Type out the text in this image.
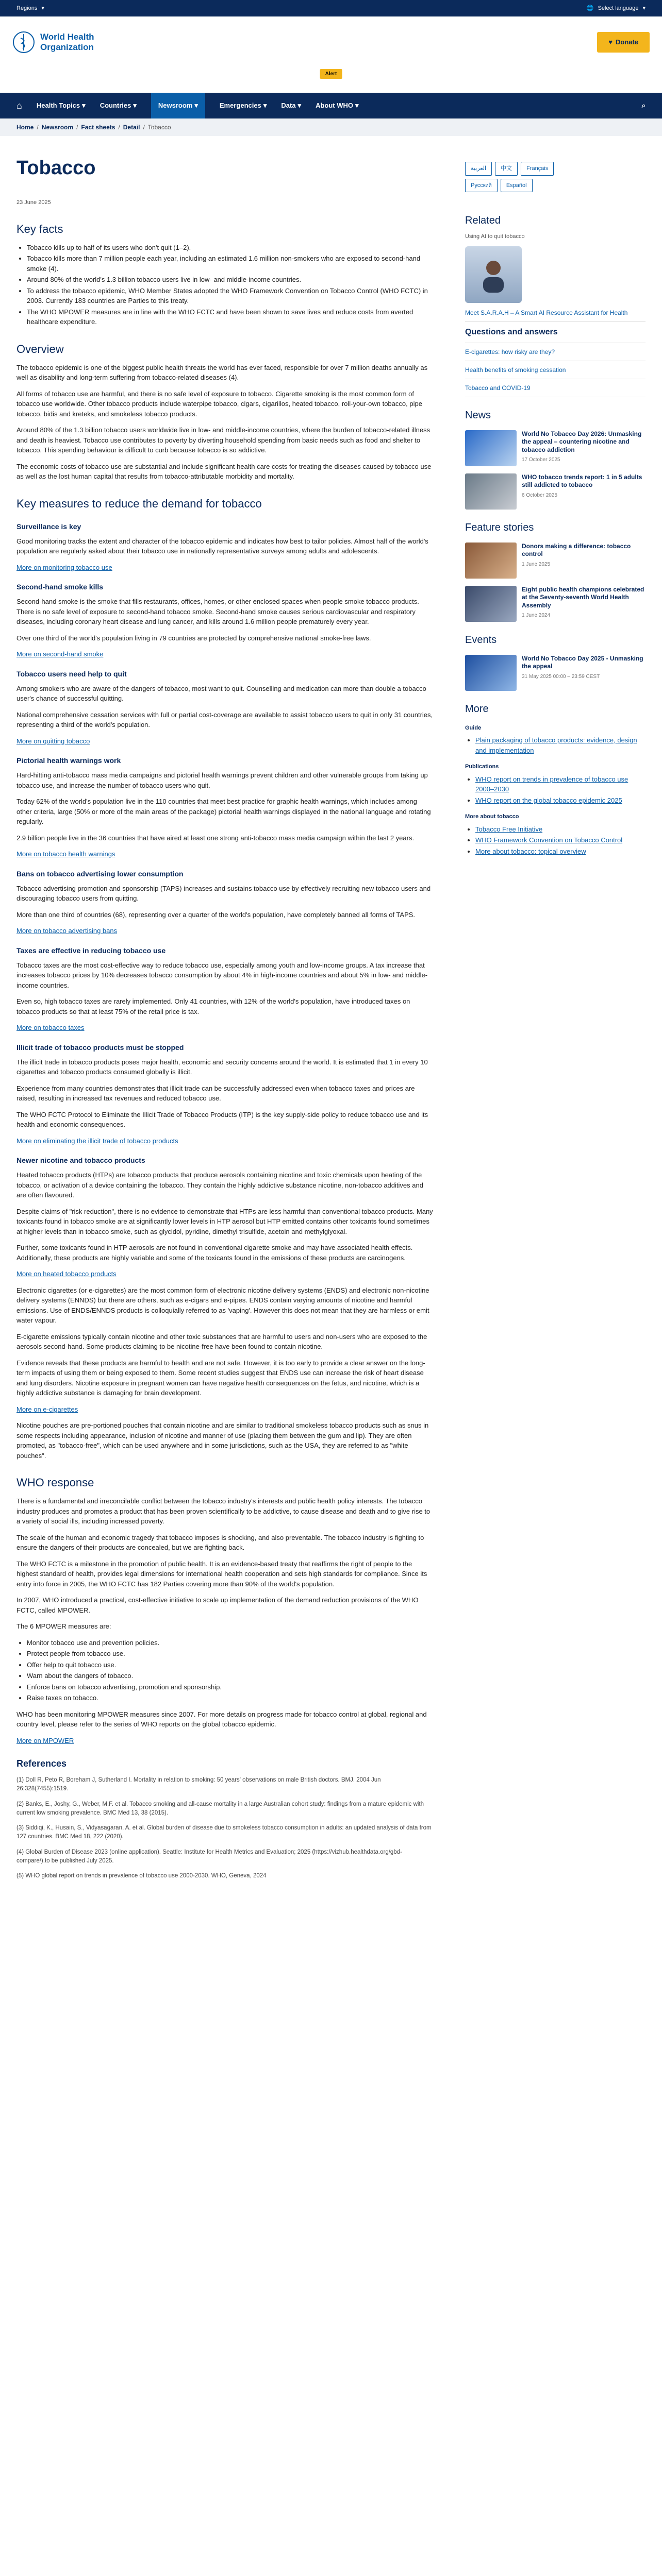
Regions ▾	🌐 Select language ▾
World Health
Organization
♥ Donate
Alert
⌂ Health Topics ▾ Countries ▾	Newsroom ▾	Emergencies ▾ Data ▾ About WHO ▾	⌕
Home / Newsroom / Fact sheets / Detail / Tobacco
Tobacco
23 June 2025
Key facts
• Tobacco kills up to half of its users who don't quit (1–2).
• Tobacco kills more than 7 million people each year, including an estimated 1.6 million non-smokers who are exposed to second-hand smoke (4).
• Around 80% of the world's 1.3 billion tobacco users live in low- and middle-income countries.
• To address the tobacco epidemic, WHO Member States adopted the WHO Framework Convention on Tobacco Control (WHO FCTC) in 2003. Currently 183 countries are Parties to this treaty.
• The WHO MPOWER measures are in line with the WHO FCTC and have been shown to save lives and reduce costs from averted healthcare expenditure.
Overview

The tobacco epidemic is one of the biggest public health threats the world has ever faced, responsible for over 7 million deaths annually as well as disability and long-term suffering from tobacco-related diseases (4).

All forms of tobacco use are harmful, and there is no safe level of exposure to tobacco. Cigarette smoking is the most common form of tobacco use worldwide. Other tobacco products include waterpipe tobacco, cigars, cigarillos, heated tobacco, roll-your-own tobacco, pipe tobacco, bidis and kreteks, and smokeless tobacco products.

Around 80% of the 1.3 billion tobacco users worldwide live in low- and middle-income countries, where the burden of tobacco-related illness and death is heaviest. Tobacco use contributes to poverty by diverting household spending from basic needs such as food and shelter to tobacco. This spending behaviour is difficult to curb because tobacco is so addictive.

The economic costs of tobacco use are substantial and include significant health care costs for treating the diseases caused by tobacco use as well as the lost human capital that results from tobacco-attributable morbidity and mortality.

Key measures to reduce the demand for tobacco
Surveillance is key

Good monitoring tracks the extent and character of the tobacco epidemic and indicates how best to tailor policies. Almost half of the world's population are regularly asked about their tobacco use in nationally representative surveys among adults and adolescents.

More on monitoring tobacco use

Second-hand smoke kills

Second-hand smoke is the smoke that fills restaurants, offices, homes, or other enclosed spaces when people smoke tobacco products. There is no safe level of exposure to second-hand tobacco smoke. Second-hand smoke causes serious cardiovascular and respiratory diseases, including coronary heart disease and lung cancer, and kills around 1.6 million people prematurely every year.

Over one third of the world's population living in 79 countries are protected by comprehensive national smoke-free laws.

More on second-hand smoke

Tobacco users need help to quit

Among smokers who are aware of the dangers of tobacco, most want to quit. Counselling and medication can more than double a tobacco user's chance of successful quitting.

National comprehensive cessation services with full or partial cost-coverage are available to assist tobacco users to quit in only 31 countries, representing a third of the world's population.

More on quitting tobacco

Pictorial health warnings work

Hard-hitting anti-tobacco mass media campaigns and pictorial health warnings prevent children and other vulnerable groups from taking up tobacco use, and increase the number of tobacco users who quit.

Today 62% of the world's population live in the 110 countries that meet best practice for graphic health warnings, which includes among other criteria, large (50% or more of the main areas of the package) pictorial health warnings displayed in the national language and rotating regularly.

2.9 billion people live in the 36 countries that have aired at least one strong anti-tobacco mass media campaign within the last 2 years.

More on tobacco health warnings

Bans on tobacco advertising lower consumption

Tobacco advertising promotion and sponsorship (TAPS) increases and sustains tobacco use by effectively recruiting new tobacco users and discouraging tobacco users from quitting.

More than one third of countries (68), representing over a quarter of the world's population, have completely banned all forms of TAPS.

More on tobacco advertising bans

Taxes are effective in reducing tobacco use

Tobacco taxes are the most cost-effective way to reduce tobacco use, especially among youth and low-income groups. A tax increase that increases tobacco prices by 10% decreases tobacco consumption by about 4% in high-income countries and about 5% in low- and middle-income countries.

Even so, high tobacco taxes are rarely implemented. Only 41 countries, with 12% of the world's population, have introduced taxes on tobacco products so that at least 75% of the retail price is tax.

More on tobacco taxes

Illicit trade of tobacco products must be stopped

The illicit trade in tobacco products poses major health, economic and security concerns around the world. It is estimated that 1 in every 10 cigarettes and tobacco products consumed globally is illicit.

Experience from many countries demonstrates that illicit trade can be successfully addressed even when tobacco taxes and prices are raised, resulting in increased tax revenues and reduced tobacco use.

The WHO FCTC Protocol to Eliminate the Illicit Trade of Tobacco Products (ITP) is the key supply-side policy to reduce tobacco use and its health and economic consequences.

More on eliminating the illicit trade of tobacco products

Newer nicotine and tobacco products

Heated tobacco products (HTPs) are tobacco products that produce aerosols containing nicotine and toxic chemicals upon heating of the tobacco, or activation of a device containing the tobacco. They contain the highly addictive substance nicotine, non-tobacco additives and are often flavoured.

Despite claims of "risk reduction", there is no evidence to demonstrate that HTPs are less harmful than conventional tobacco products. Many toxicants found in tobacco smoke are at significantly lower levels in HTP aerosol but HTP emitted contains other toxicants found sometimes at higher levels than in tobacco smoke, such as glycidol, pyridine, dimethyl trisulfide, acetoin and methylglyoxal.

Further, some toxicants found in HTP aerosols are not found in conventional cigarette smoke and may have associated health effects. Additionally, these products are highly variable and some of the toxicants found in the emissions of these products are carcinogens.

More on heated tobacco products

Electronic cigarettes (or e-cigarettes) are the most common form of electronic nicotine delivery systems (ENDS) and electronic non-nicotine delivery systems (ENNDS) but there are others, such as e-cigars and e-pipes. ENDS contain varying amounts of nicotine and harmful emissions. Use of ENDS/ENNDS products is colloquially referred to as 'vaping'. However this does not mean that they are harmless or emit water vapour.

E-cigarette emissions typically contain nicotine and other toxic substances that are harmful to users and non-users who are exposed to the aerosols second-hand. Some products claiming to be nicotine-free have been found to contain nicotine.

Evidence reveals that these products are harmful to health and are not safe. However, it is too early to provide a clear answer on the long-term impacts of using them or being exposed to them. Some recent studies suggest that ENDS use can increase the risk of heart disease and lung disorders. Nicotine exposure in pregnant women can have negative health consequences on the fetus, and nicotine, which is a highly addictive substance is damaging for brain development.

More on e-cigarettes

Nicotine pouches are pre-portioned pouches that contain nicotine and are similar to traditional smokeless tobacco products such as snus in some respects including appearance, inclusion of nicotine and manner of use (placing them between the gum and lip). They are often promoted, as "tobacco-free", which can be used anywhere and in some jurisdictions, such as the USA, they are referred to as "white pouches".

WHO response

There is a fundamental and irreconcilable conflict between the tobacco industry's interests and public health policy interests. The tobacco industry produces and promotes a product that has been proven scientifically to be addictive, to cause disease and death and to give rise to a variety of social ills, including increased poverty.

The scale of the human and economic tragedy that tobacco imposes is shocking, and also preventable. The tobacco industry is fighting to ensure the dangers of their products are concealed, but we are fighting back.

The WHO FCTC is a milestone in the promotion of public health. It is an evidence-based treaty that reaffirms the right of people to the highest standard of health, provides legal dimensions for international health cooperation and sets high standards for compliance. Since its entry into force in 2005, the WHO FCTC has 182 Parties covering more than 90% of the world's population.

In 2007, WHO introduced a practical, cost-effective initiative to scale up implementation of the demand reduction provisions of the WHO FCTC, called MPOWER.

The 6 MPOWER measures are:

• Monitor tobacco use and prevention policies.
• Protect people from tobacco use.
• Offer help to quit tobacco use.
• Warn about the dangers of tobacco.
• Enforce bans on tobacco advertising, promotion and sponsorship.
• Raise taxes on tobacco.

WHO has been monitoring MPOWER measures since 2007. For more details on progress made for tobacco control at global, regional and country level, please refer to the series of WHO reports on the global tobacco epidemic.

More on MPOWER

References

(1) Doll R, Peto R, Boreham J, Sutherland I. Mortality in relation to smoking: 50 years' observations on male British doctors. BMJ. 2004 Jun 26;328(7455):1519.

(2) Banks, E., Joshy, G., Weber, M.F. et al. Tobacco smoking and all-cause mortality in a large Australian cohort study: findings from a mature epidemic with current low smoking prevalence. BMC Med 13, 38 (2015).

(3) Siddiqi, K., Husain, S., Vidyasagaran, A. et al. Global burden of disease due to smokeless tobacco consumption in adults: an updated analysis of data from 127 countries. BMC Med 18, 222 (2020).

(4) Global Burden of Disease 2023 (online application). Seattle: Institute for Health Metrics and Evaluation; 2025 (https://vizhub.healthdata.org/gbd-compare/).to be published July 2025.

(5) WHO global report on trends in prevalence of tobacco use 2000-2030. WHO, Geneva, 2024

العربية	中文	Français
Русский	Español
Related
Using AI to quit tobacco
Meet S.A.R.A.H – A Smart AI Resource Assistant for Health
Questions and answers
E-cigarettes: how risky are they?
Health benefits of smoking cessation
Tobacco and COVID-19
News
World No Tobacco Day 2026: Unmasking the appeal – countering nicotine and tobacco addiction
17 October 2025
WHO tobacco trends report: 1 in 5 adults still addicted to tobacco
6 October 2025
Feature stories
Donors making a difference: tobacco control
1 June 2025
Eight public health champions celebrated at the Seventy-seventh World Health Assembly
1 June 2024
Events
World No Tobacco Day 2025 - Unmasking the appeal
31 May 2025 00:00 – 23:59 CEST
More
Guide
• Plain packaging of tobacco products: evidence, design and implementation
Publications
• WHO report on trends in prevalence of tobacco use 2000–2030
• WHO report on the global tobacco epidemic 2025
More about tobacco
• Tobacco Free Initiative
• WHO Framework Convention on Tobacco Control
• More about tobacco: topical overview
